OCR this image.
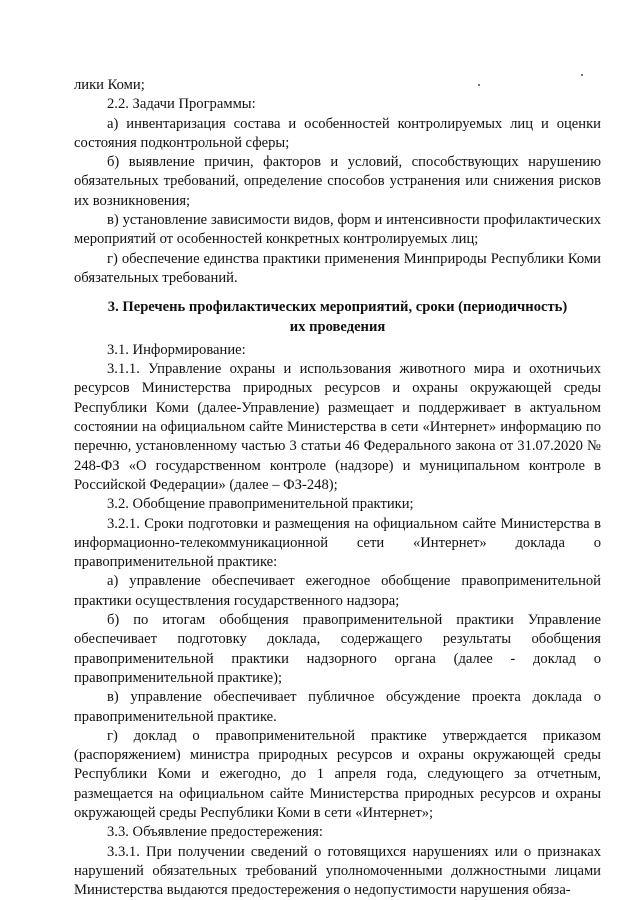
лики Коми;

2.2. Задачи Программы:

а) инвентаризация состава и особенностей контролируемых лиц и оценки состояния подконтрольной сферы;

б) выявление причин, факторов и условий, способствующих нарушению обязательных требований, определение способов устранения или снижения рисков их возникновения;

в) установление зависимости видов, форм и интенсивности профилактических мероприятий от особенностей конкретных контролируемых лиц;

г) обеспечение единства практики применения Минприроды Республики Коми обязательных требований.

3. Перечень профилактических мероприятий, сроки (периодичность) их проведения

3.1. Информирование:

3.1.1. Управление охраны и использования животного мира и охотничьих ресурсов Министерства природных ресурсов и охраны окружающей среды Республики Коми (далее-Управление) размещает и поддерживает в актуальном состоянии на официальном сайте Министерства в сети «Интернет» информацию по перечню, установленному частью 3 статьи 46 Федерального закона от 31.07.2020 № 248-ФЗ «О государственном контроле (надзоре) и муниципальном контроле в Российской Федерации» (далее – ФЗ-248);

3.2. Обобщение правоприменительной практики;

3.2.1. Сроки подготовки и размещения на официальном сайте Министерства в информационно-телекоммуникационной сети «Интернет» доклада о правоприменительной практике:

а) управление обеспечивает ежегодное обобщение правоприменительной практики осуществления государственного надзора;

б) по итогам обобщения правоприменительной практики Управление обеспечивает подготовку доклада, содержащего результаты обобщения правоприменительной практики надзорного органа (далее - доклад о правоприменительной практике);

в) управление обеспечивает публичное обсуждение проекта доклада о правоприменительной практике.

г) доклад о правоприменительной практике утверждается приказом (распоряжением) министра природных ресурсов и охраны окружающей среды Республики Коми и ежегодно, до 1 апреля года, следующего за отчетным, размещается на официальном сайте Министерства природных ресурсов и охраны окружающей среды Республики Коми в сети «Интернет»;

3.3. Объявление предостережения:

3.3.1. При получении сведений о готовящихся нарушениях или о признаках нарушений обязательных требований уполномоченными должностными лицами Министерства выдаются предостережения о недопустимости нарушения обяза-
